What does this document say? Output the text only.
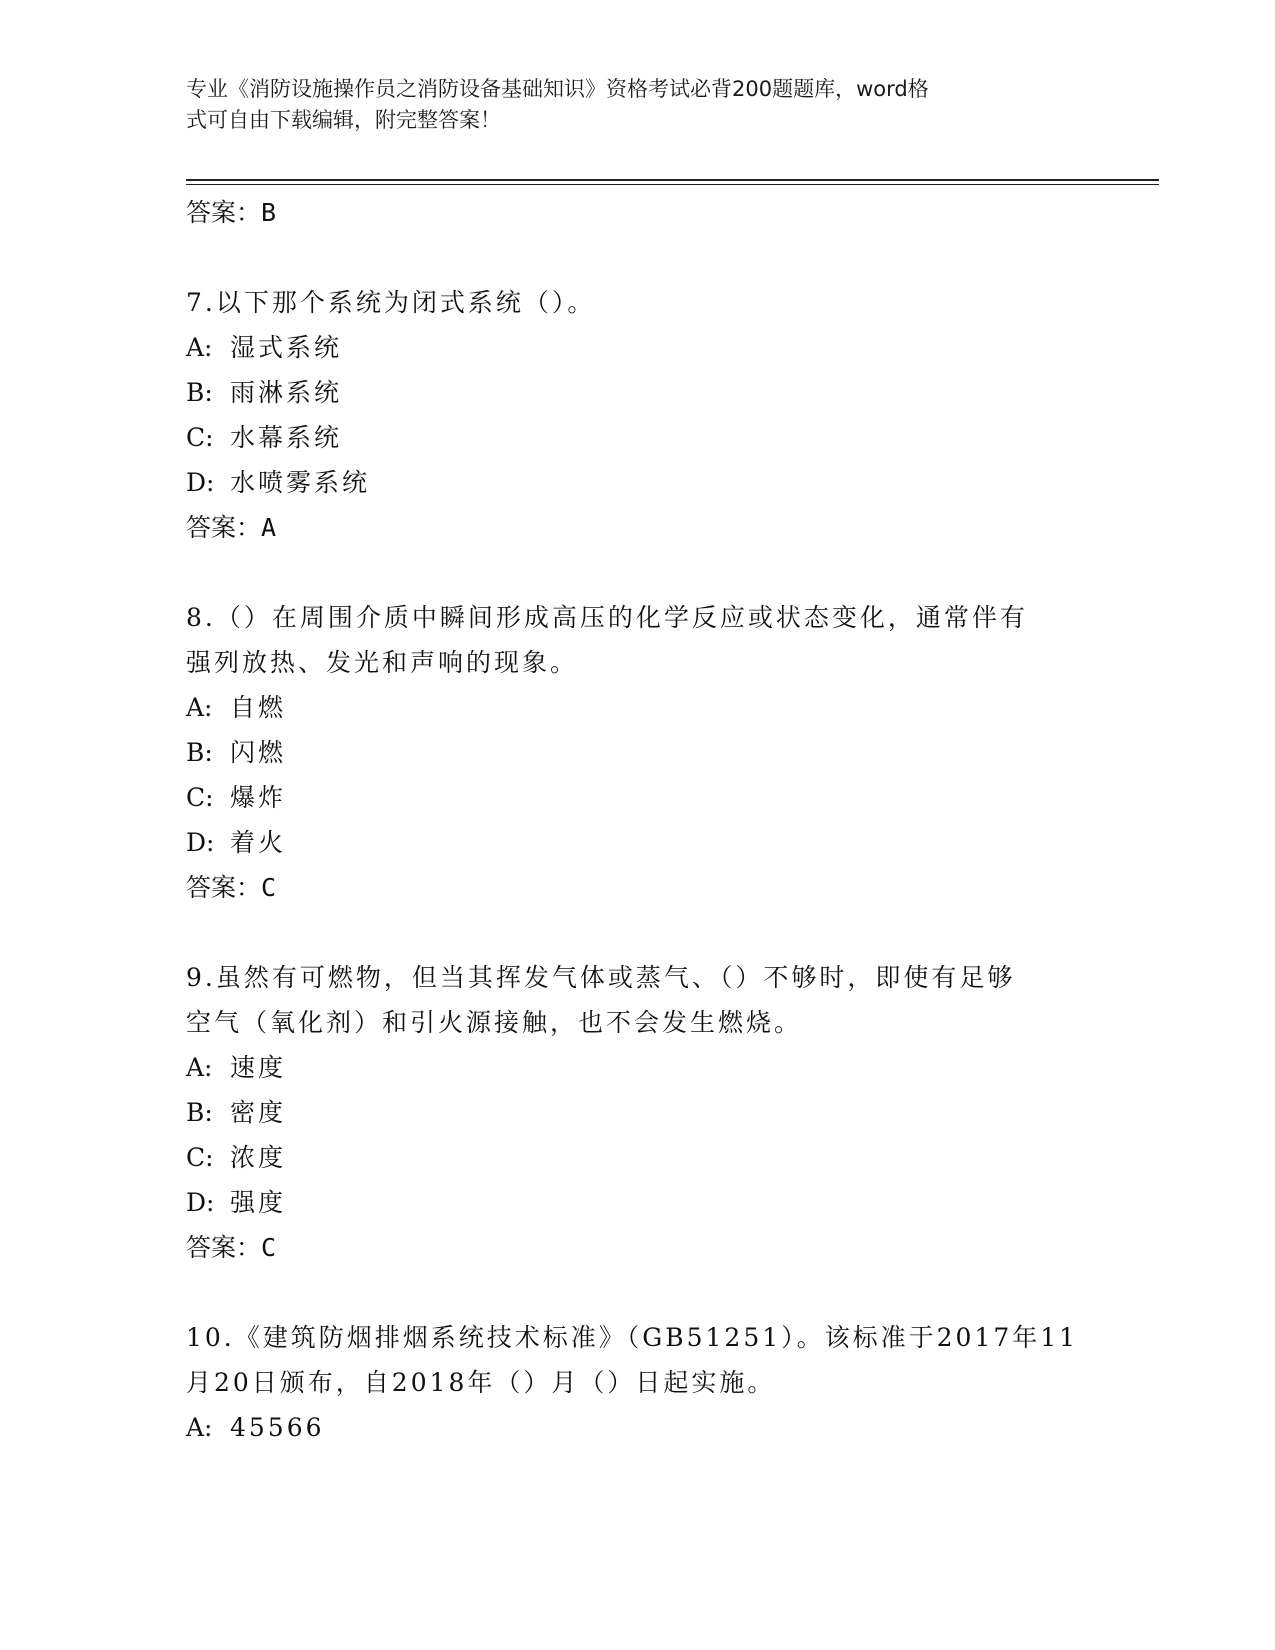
专业《消防设施操作员之消防设备基础知识》资格考试必背200题题库，word格
式可自由下载编辑，附完整答案！
答案：B
7.以下那个系统为闭式系统（）。
A: 湿式系统
B: 雨淋系统
C: 水幕系统
D: 水喷雾系统
答案：A
8.（）在周围介质中瞬间形成高压的化学反应或状态变化，通常伴有
强列放热、发光和声响的现象。
A: 自燃
B: 闪燃
C: 爆炸
D: 着火
答案：C
9.虽然有可燃物，但当其挥发气体或蒸气、（）不够时，即使有足够
空气（氧化剂）和引火源接触，也不会发生燃烧。
A: 速度
B: 密度
C: 浓度
D: 强度
答案：C
10.《建筑防烟排烟系统技术标准》（GB51251）。该标准于2017年11
月20日颁布，自2018年（）月（）日起实施。
A: 45566
